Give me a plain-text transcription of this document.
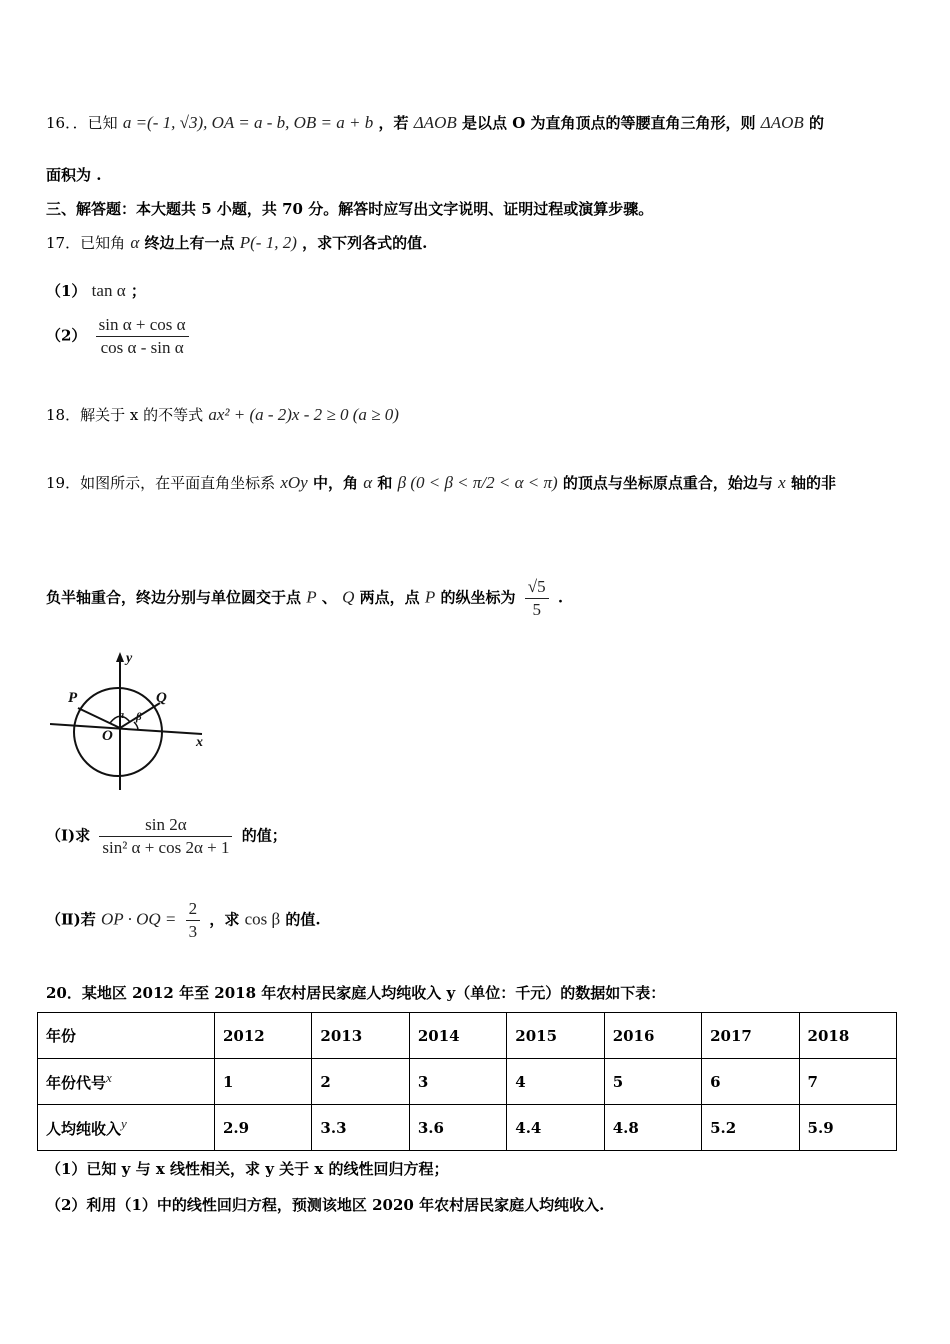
16．．已知 a =(- 1, √3), OA = a - b, OB = a + b ，若 ΔAOB 是以点 O 为直角顶点的等腰直角三角形，则 ΔAOB 的
面积为 .
三、解答题：本大题共 5 小题，共 70 分。解答时应写出文字说明、证明过程或演算步骤。
17．已知角 α 终边上有一点 P(- 1, 2) ，求下列各式的值.
（1） tan α ；
$(2) \frac{\text{sin α + cos α}}{\text{cos α - sin α}}$
18．解关于 x 的不等式 ax² + (a - 2)x - 2 ≥ 0 (a ≥ 0)
19．如图所示，在平面直角坐标系 xOy 中，角 α 和 β (0 < β < π/2 < α < π) 的顶点与坐标原点重合，始边与 x 轴的非
负半轴重合，终边分别与单位圆交于点 P 、 Q 两点，点 P 的纵坐标为 $\frac{√5}{5}$ .
y
x
O
P	Q
a β
（Ⅰ)求 $\frac{\sin 2\alpha}{\text{sin² α + cos 2α + 1}}$ 的值；
（Ⅱ)若 OP · OQ = $\frac{2}{3}$ ，求 cos β 的值.
20．某地区 2012 年至 2018 年农村居民家庭人均纯收入 y（单位：千元）的数据如下表：
年份	2012	2013	2014	2015	2016	2017	2018
年份代号$^x$	1	2	3	4	5	6	7
人均纯收入$^y$	2.9	3.3	3.6	4.4	4.8	5.2	5.9
（1）已知 y 与 x 线性相关，求 y 关于 x 的线性回归方程；
（2）利用（1）中的线性回归方程，预测该地区 2020 年农村居民家庭人均纯收入.
